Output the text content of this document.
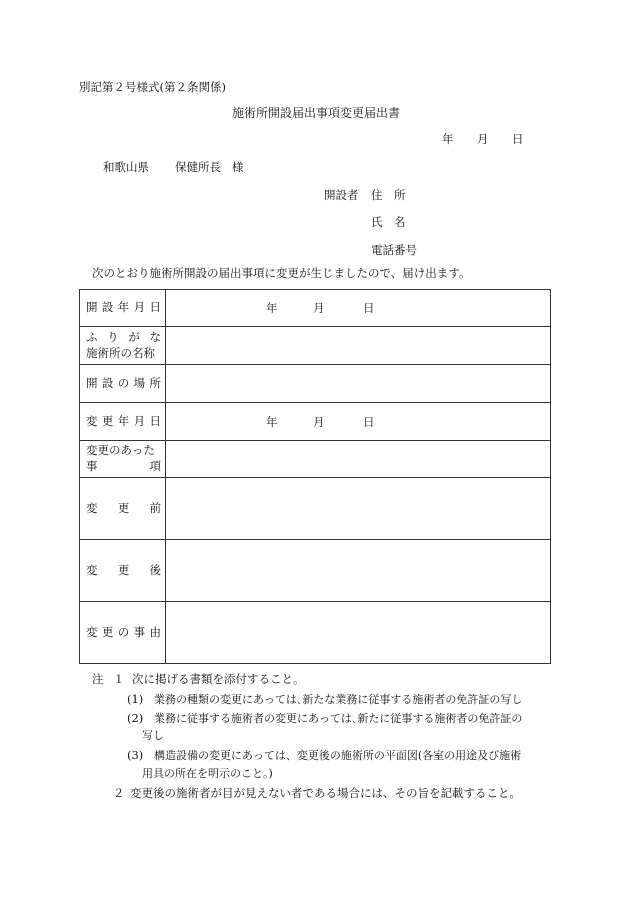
別記第２号様式(第２条関係)
施術所開設届出事項変更届出書
年 月 日
和歌山県 保健所長 様
開設者 住 所
氏 名
電話番号
次のとおり施術所開設の届出事項に変更が生じましたので、届け出ます。
開 設 年 月 日	年 月 日

ふ り が な
施術所の名称	

開 設 の 場 所	

変 更 年 月 日	年 月 日

変更のあった
事 項	

変 更 前	

変 更 後	

変 更 の 事 由	

注 １ 次に掲げる書類を添付すること。
(1) 業務の種類の変更にあっては､新たな業務に従事する施術者の免許証の写し
(2) 業務に従事する施術者の変更にあっては､新たに従事する施術者の免許証の
写し
(3) 構造設備の変更にあっては、変更後の施術所の平面図(各室の用途及び施術
用具の所在を明示のこと。)
２ 変更後の施術者が目が見えない者である場合には、その旨を記載すること。
